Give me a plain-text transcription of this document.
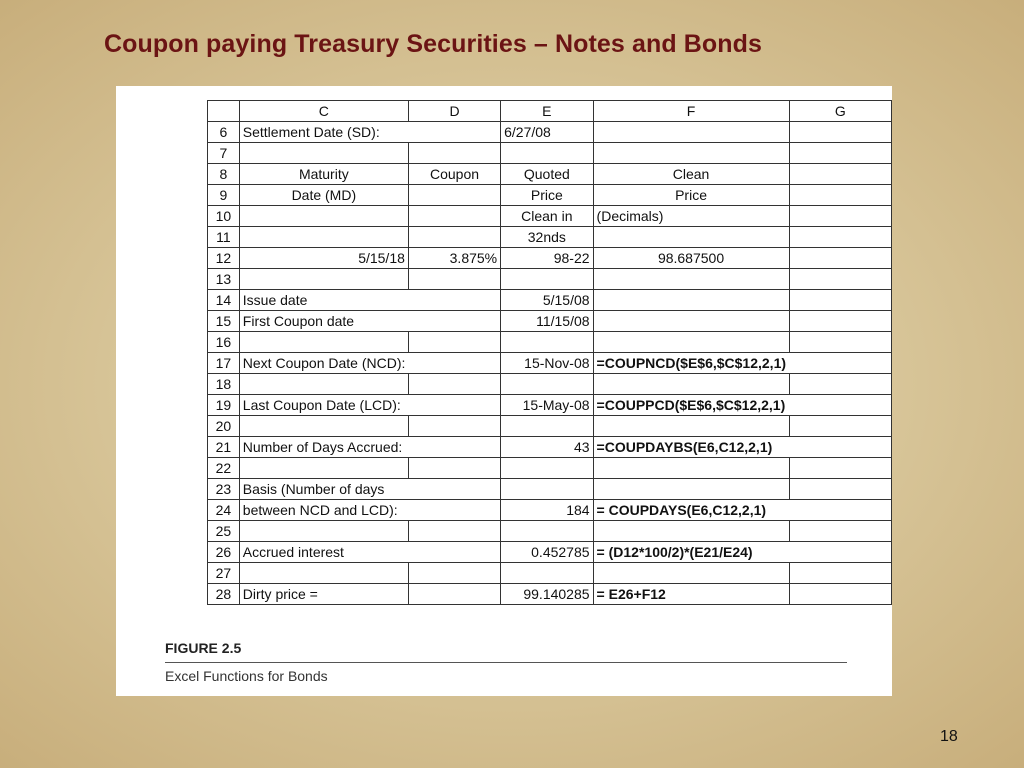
Coupon paying Treasury Securities – Notes and Bonds
	C	D	E	F	G
6	Settlement Date (SD):		6/27/08		
7					
8	Maturity	Coupon	Quoted	Clean	
9	Date (MD)		Price	Price	
10			Clean in	(Decimals)	
11			32nds		
12	5/15/18	3.875%	98-22	98.687500	
13					
14	Issue date		5/15/08		
15	First Coupon date		11/15/08		
16					
17	Next Coupon Date (NCD):		15-Nov-08	=COUPNCD($E$6,$C$12,2,1)	
18					
19	Last Coupon Date (LCD):		15-May-08	=COUPPCD($E$6,$C$12,2,1)	
20					
21	Number of Days Accrued:		43	=COUPDAYBS(E6,C12,2,1)	
22					
23	Basis (Number of days				
24	between NCD and LCD):		184	= COUPDAYS(E6,C12,2,1)	
25					
26	Accrued interest		0.452785	= (D12*100/2)*(E21/E24)	
27					
28	Dirty price =		99.140285	= E26+F12	
FIGURE 2.5
Excel Functions for Bonds
18
